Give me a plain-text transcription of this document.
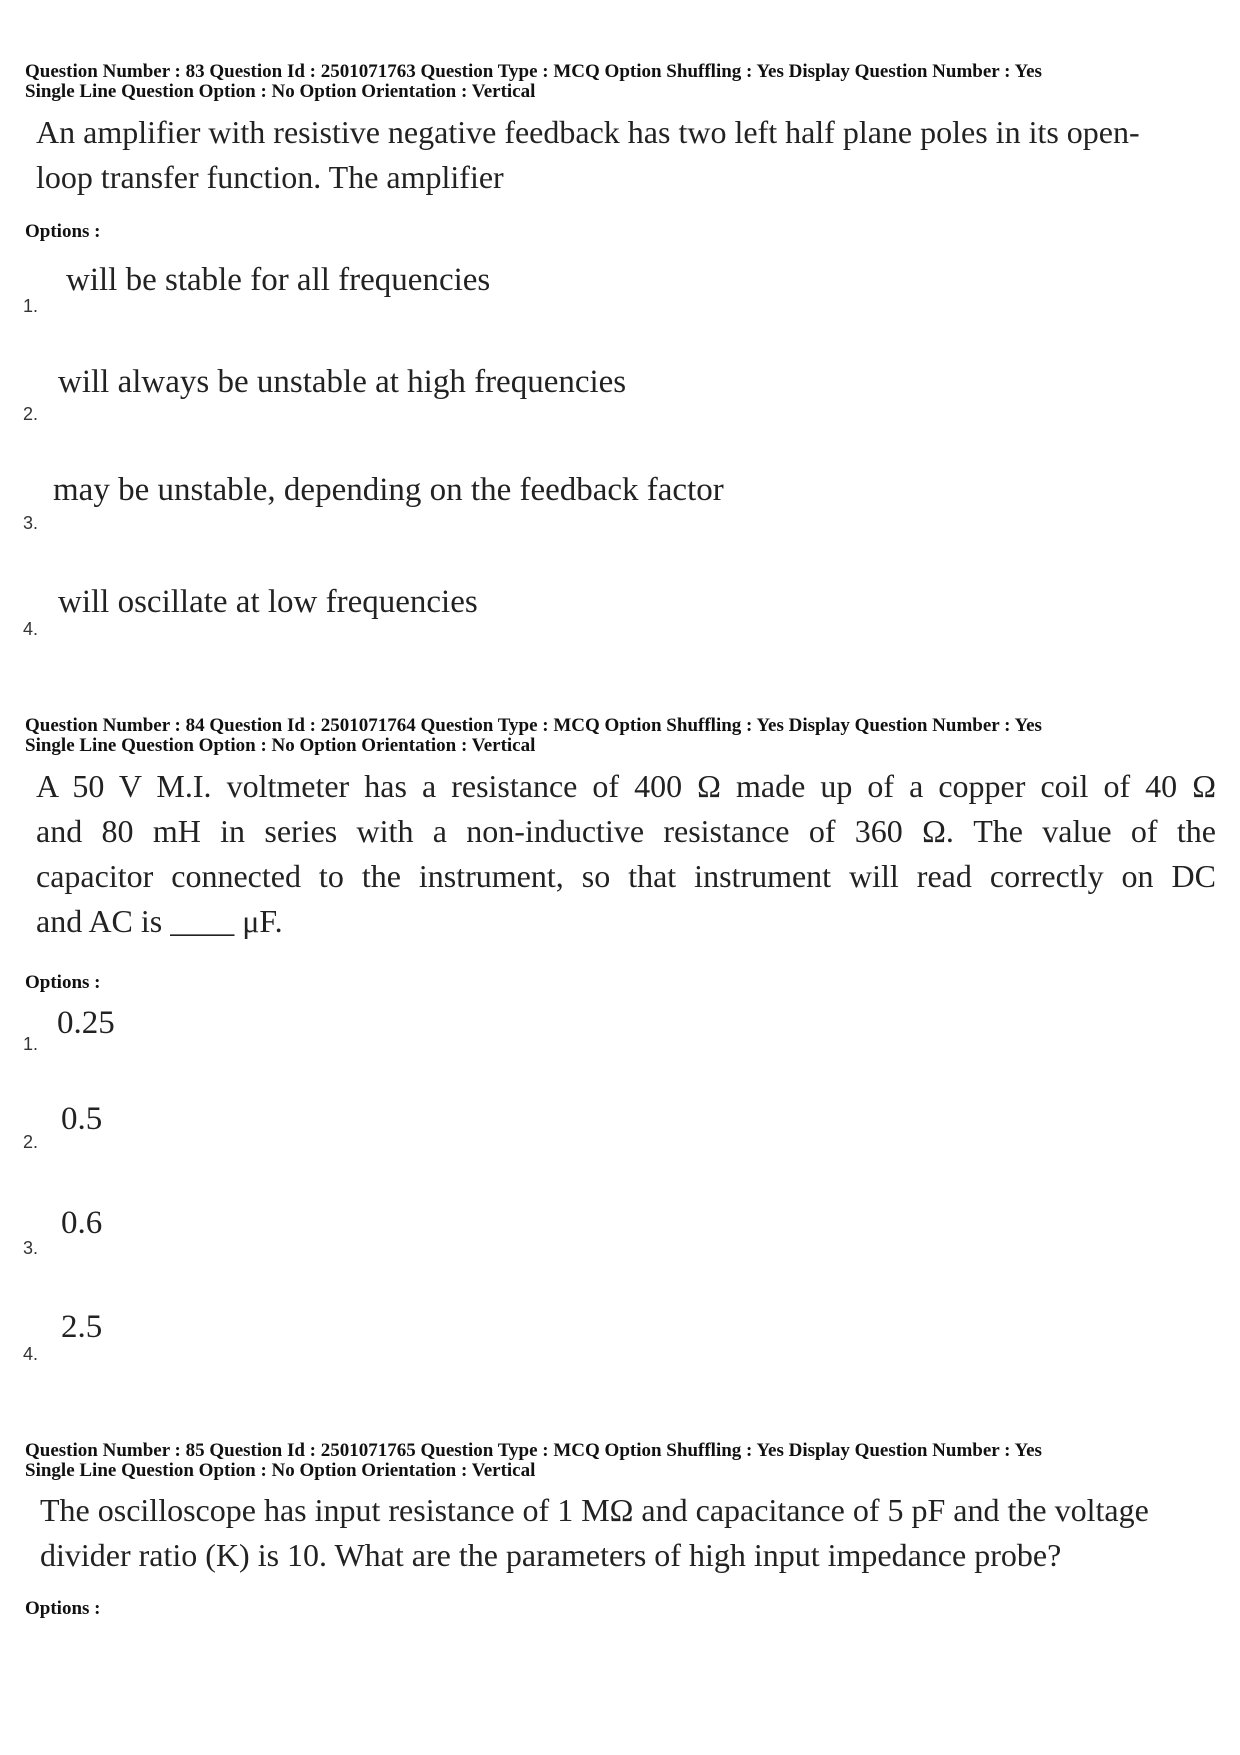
Question Number : 83 Question Id : 2501071763 Question Type : MCQ Option Shuffling : Yes Display Question Number : Yes
Single Line Question Option : No Option Orientation : Vertical
An amplifier with resistive negative feedback has two left half plane poles in its open-
loop transfer function. The amplifier
Options :
will be stable for all frequencies
1.
will always be unstable at high frequencies
2.
may be unstable, depending on the feedback factor
3.
will oscillate at low frequencies
4.
Question Number : 84 Question Id : 2501071764 Question Type : MCQ Option Shuffling : Yes Display Question Number : Yes
Single Line Question Option : No Option Orientation : Vertical
A 50 V M.I. voltmeter has a resistance of 400 Ω made up of a copper coil of 40 Ω
and 80 mH in series with a non-inductive resistance of 360 Ω. The value of the
capacitor connected to the instrument, so that instrument will read correctly on DC
and AC is ____ μF.
Options :
0.25
1.
0.5
2.
0.6
3.
2.5
4.
Question Number : 85 Question Id : 2501071765 Question Type : MCQ Option Shuffling : Yes Display Question Number : Yes
Single Line Question Option : No Option Orientation : Vertical
The oscilloscope has input resistance of 1 MΩ and capacitance of 5 pF and the voltage
divider ratio (K) is 10. What are the parameters of high input impedance probe?
Options :
